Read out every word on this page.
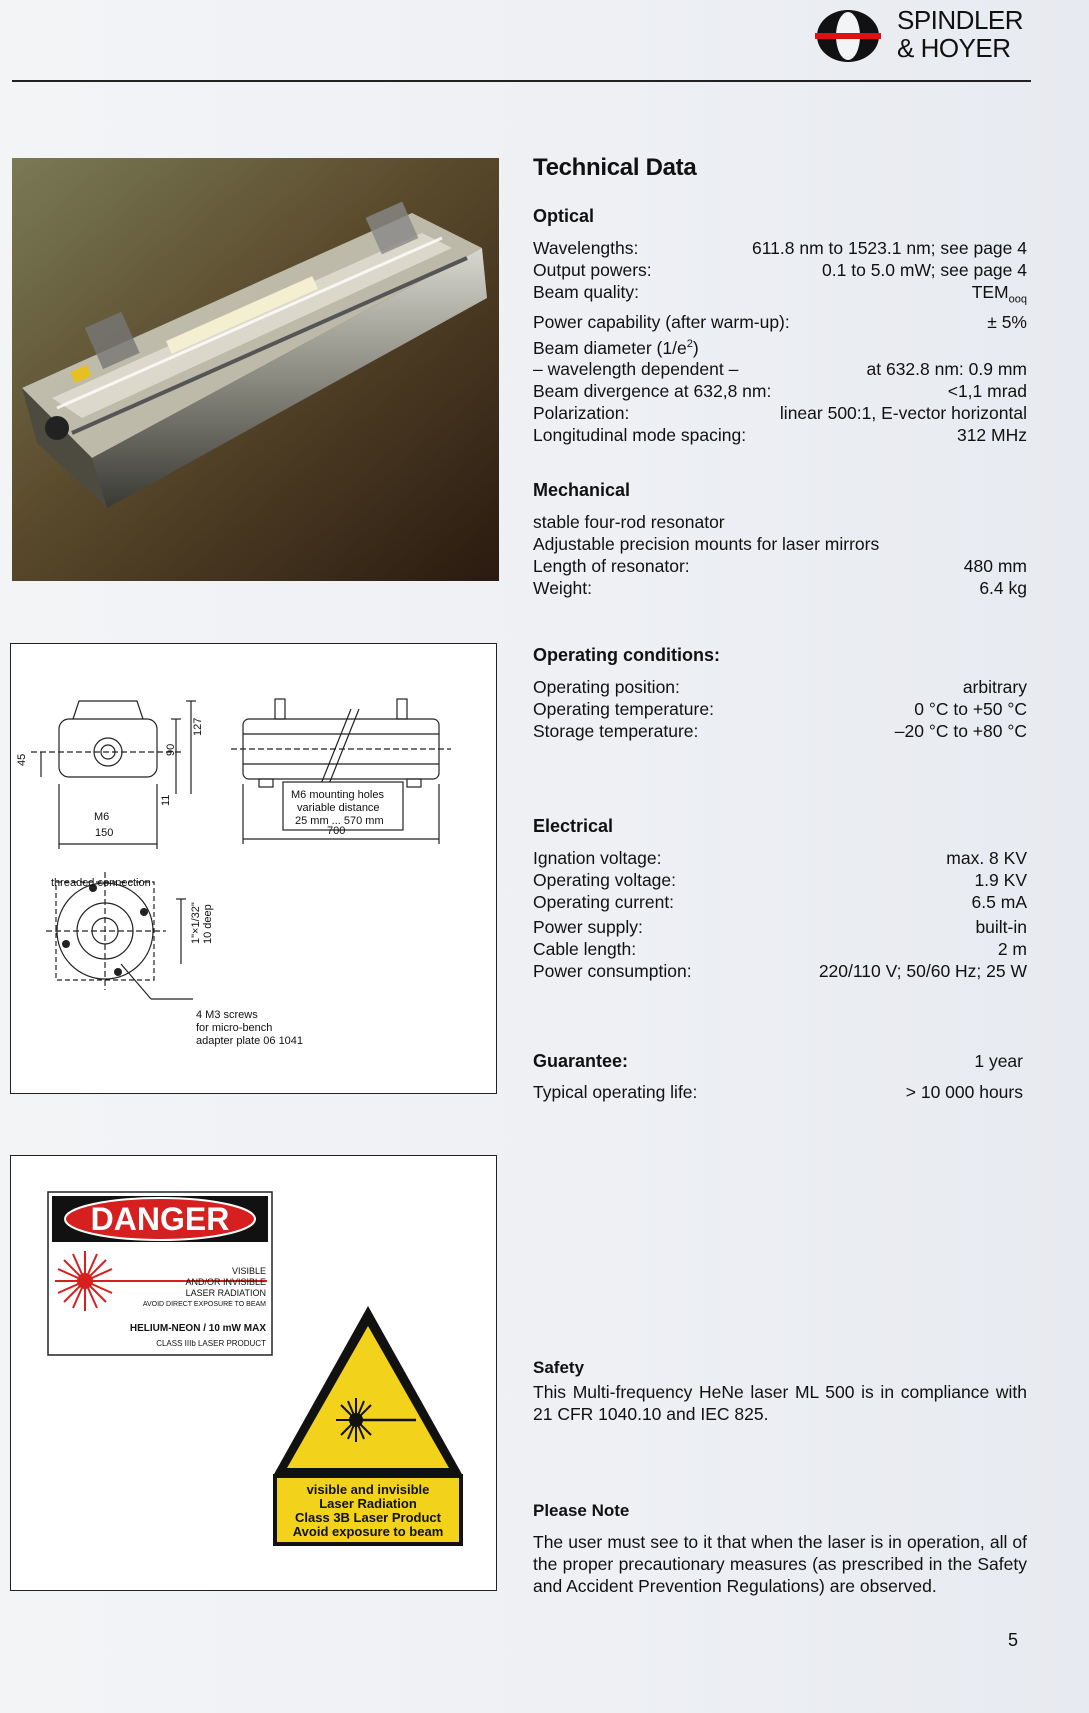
SPINDLER
& HOYER
45
90
127
11
M6
150	700
M6 mounting holes
variable distance
25 mm ... 570 mm
threaded connection
1"×1/32" 10 deep
4 M3 screws
for micro-bench
adapter plate 06 1041
DANGER
VISIBLE
AND/OR INVISIBLE
LASER RADIATION
AVOID DIRECT EXPOSURE TO BEAM
HELIUM-NEON / 10 mW MAX
CLASS IIIb LASER PRODUCT
visible and invisible
Laser Radiation
Class 3B Laser Product
Avoid exposure to beam
Technical Data
Optical
Wavelengths:	611.8 nm to 1523.1 nm; see page 4
Output powers:	0.1 to 5.0 mW; see page 4
Beam quality:	$TEM_{ooq}$
Power capability (after warm-up):	± 5%
Beam diameter $(1/e^2)$
– wavelength dependent –	at 632.8 nm: 0.9 mm
Beam divergence at 632,8 nm:	<1,1 mrad
Polarization:	linear 500:1, E-vector horizontal
Longitudinal mode spacing:	312 MHz
Mechanical
stable four-rod resonator
Adjustable precision mounts for laser mirrors
Length of resonator:	480 mm
Weight:	6.4 kg
Operating conditions:
Operating position:	arbitrary
Operating temperature:	0 °C to +50 °C
Storage temperature:	–20 °C to +80 °C
Electrical
Ignation voltage:	max. 8 KV
Operating voltage:	1.9 KV
Operating current:	6.5 mA
Power supply:	built-in
Cable length:	2 m
Power consumption:	220/110 V; 50/60 Hz; 25 W
Guarantee:	1 year
Typical operating life:	> 10 000 hours
Safety
This Multi-frequency HeNe laser ML 500 is in compliance with 21 CFR 1040.10 and IEC 825.
Please Note
The user must see to it that when the laser is in operation, all of the proper precautionary measures (as prescribed in the Safety and Accident Prevention Regulations) are observed.
5
